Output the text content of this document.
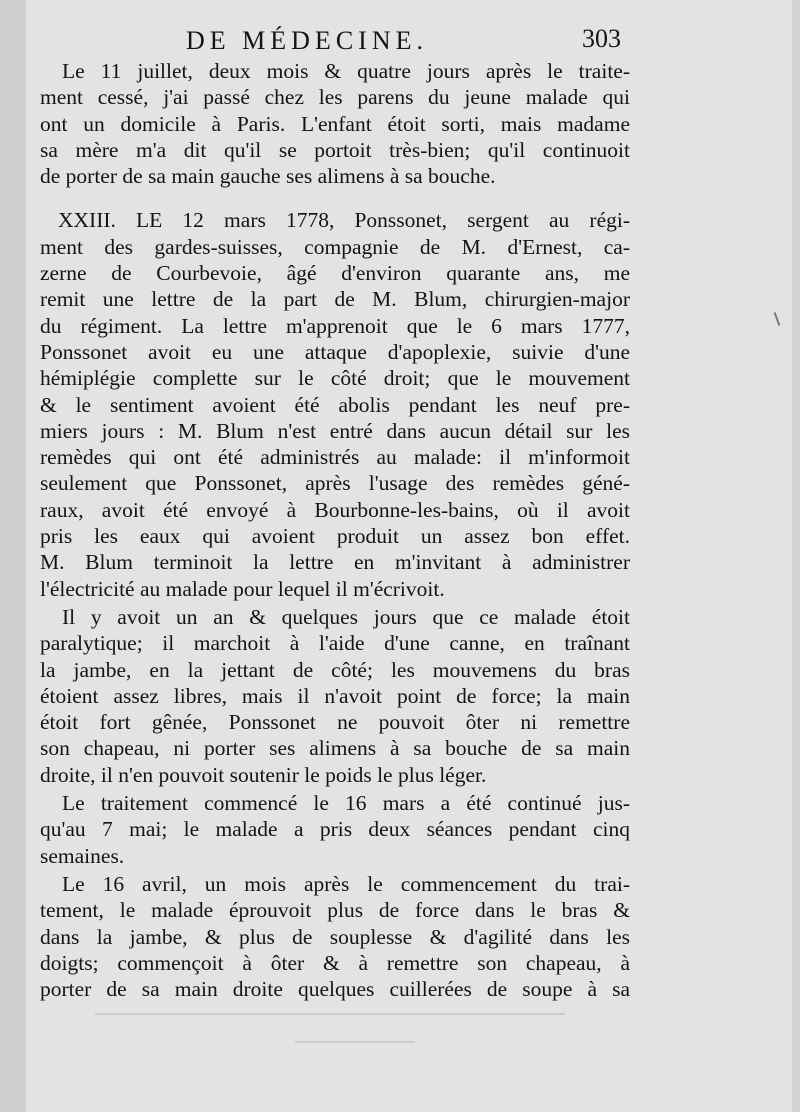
DE MÉDECINE.	303

Le 11 juillet, deux mois & quatre jours après le traite-
ment cessé, j'ai passé chez les parens du jeune malade qui
ont un domicile à Paris. L'enfant étoit sorti, mais madame
sa mère m'a dit qu'il se portoit très-bien; qu'il continuoit
de porter de sa main gauche ses alimens à sa bouche.

XXIII. LE 12 mars 1778, Ponssonet, sergent au régi-
ment des gardes-suisses, compagnie de M. d'Ernest, ca-
zerne de Courbevoie, âgé d'environ quarante ans, me
remit une lettre de la part de M. Blum, chirurgien-major
du régiment. La lettre m'apprenoit que le 6 mars 1777,
Ponssonet avoit eu une attaque d'apoplexie, suivie d'une
hémiplégie complette sur le côté droit; que le mouvement
& le sentiment avoient été abolis pendant les neuf pre-
miers jours : M. Blum n'est entré dans aucun détail sur les
remèdes qui ont été administrés au malade: il m'informoit
seulement que Ponssonet, après l'usage des remèdes géné-
raux, avoit été envoyé à Bourbonne-les-bains, où il avoit
pris les eaux qui avoient produit un assez bon effet.
M. Blum terminoit la lettre en m'invitant à administrer
l'électricité au malade pour lequel il m'écrivoit.

Il y avoit un an & quelques jours que ce malade étoit
paralytique; il marchoit à l'aide d'une canne, en traînant
la jambe, en la jettant de côté; les mouvemens du bras
étoient assez libres, mais il n'avoit point de force; la main
étoit fort gênée, Ponssonet ne pouvoit ôter ni remettre
son chapeau, ni porter ses alimens à sa bouche de sa main
droite, il n'en pouvoit soutenir le poids le plus léger.

Le traitement commencé le 16 mars a été continué jus-
qu'au 7 mai; le malade a pris deux séances pendant cinq
semaines.

Le 16 avril, un mois après le commencement du trai-
tement, le malade éprouvoit plus de force dans le bras &
dans la jambe, & plus de souplesse & d'agilité dans les
doigts; commençoit à ôter & à remettre son chapeau, à
porter de sa main droite quelques cuillerées de soupe à sa
